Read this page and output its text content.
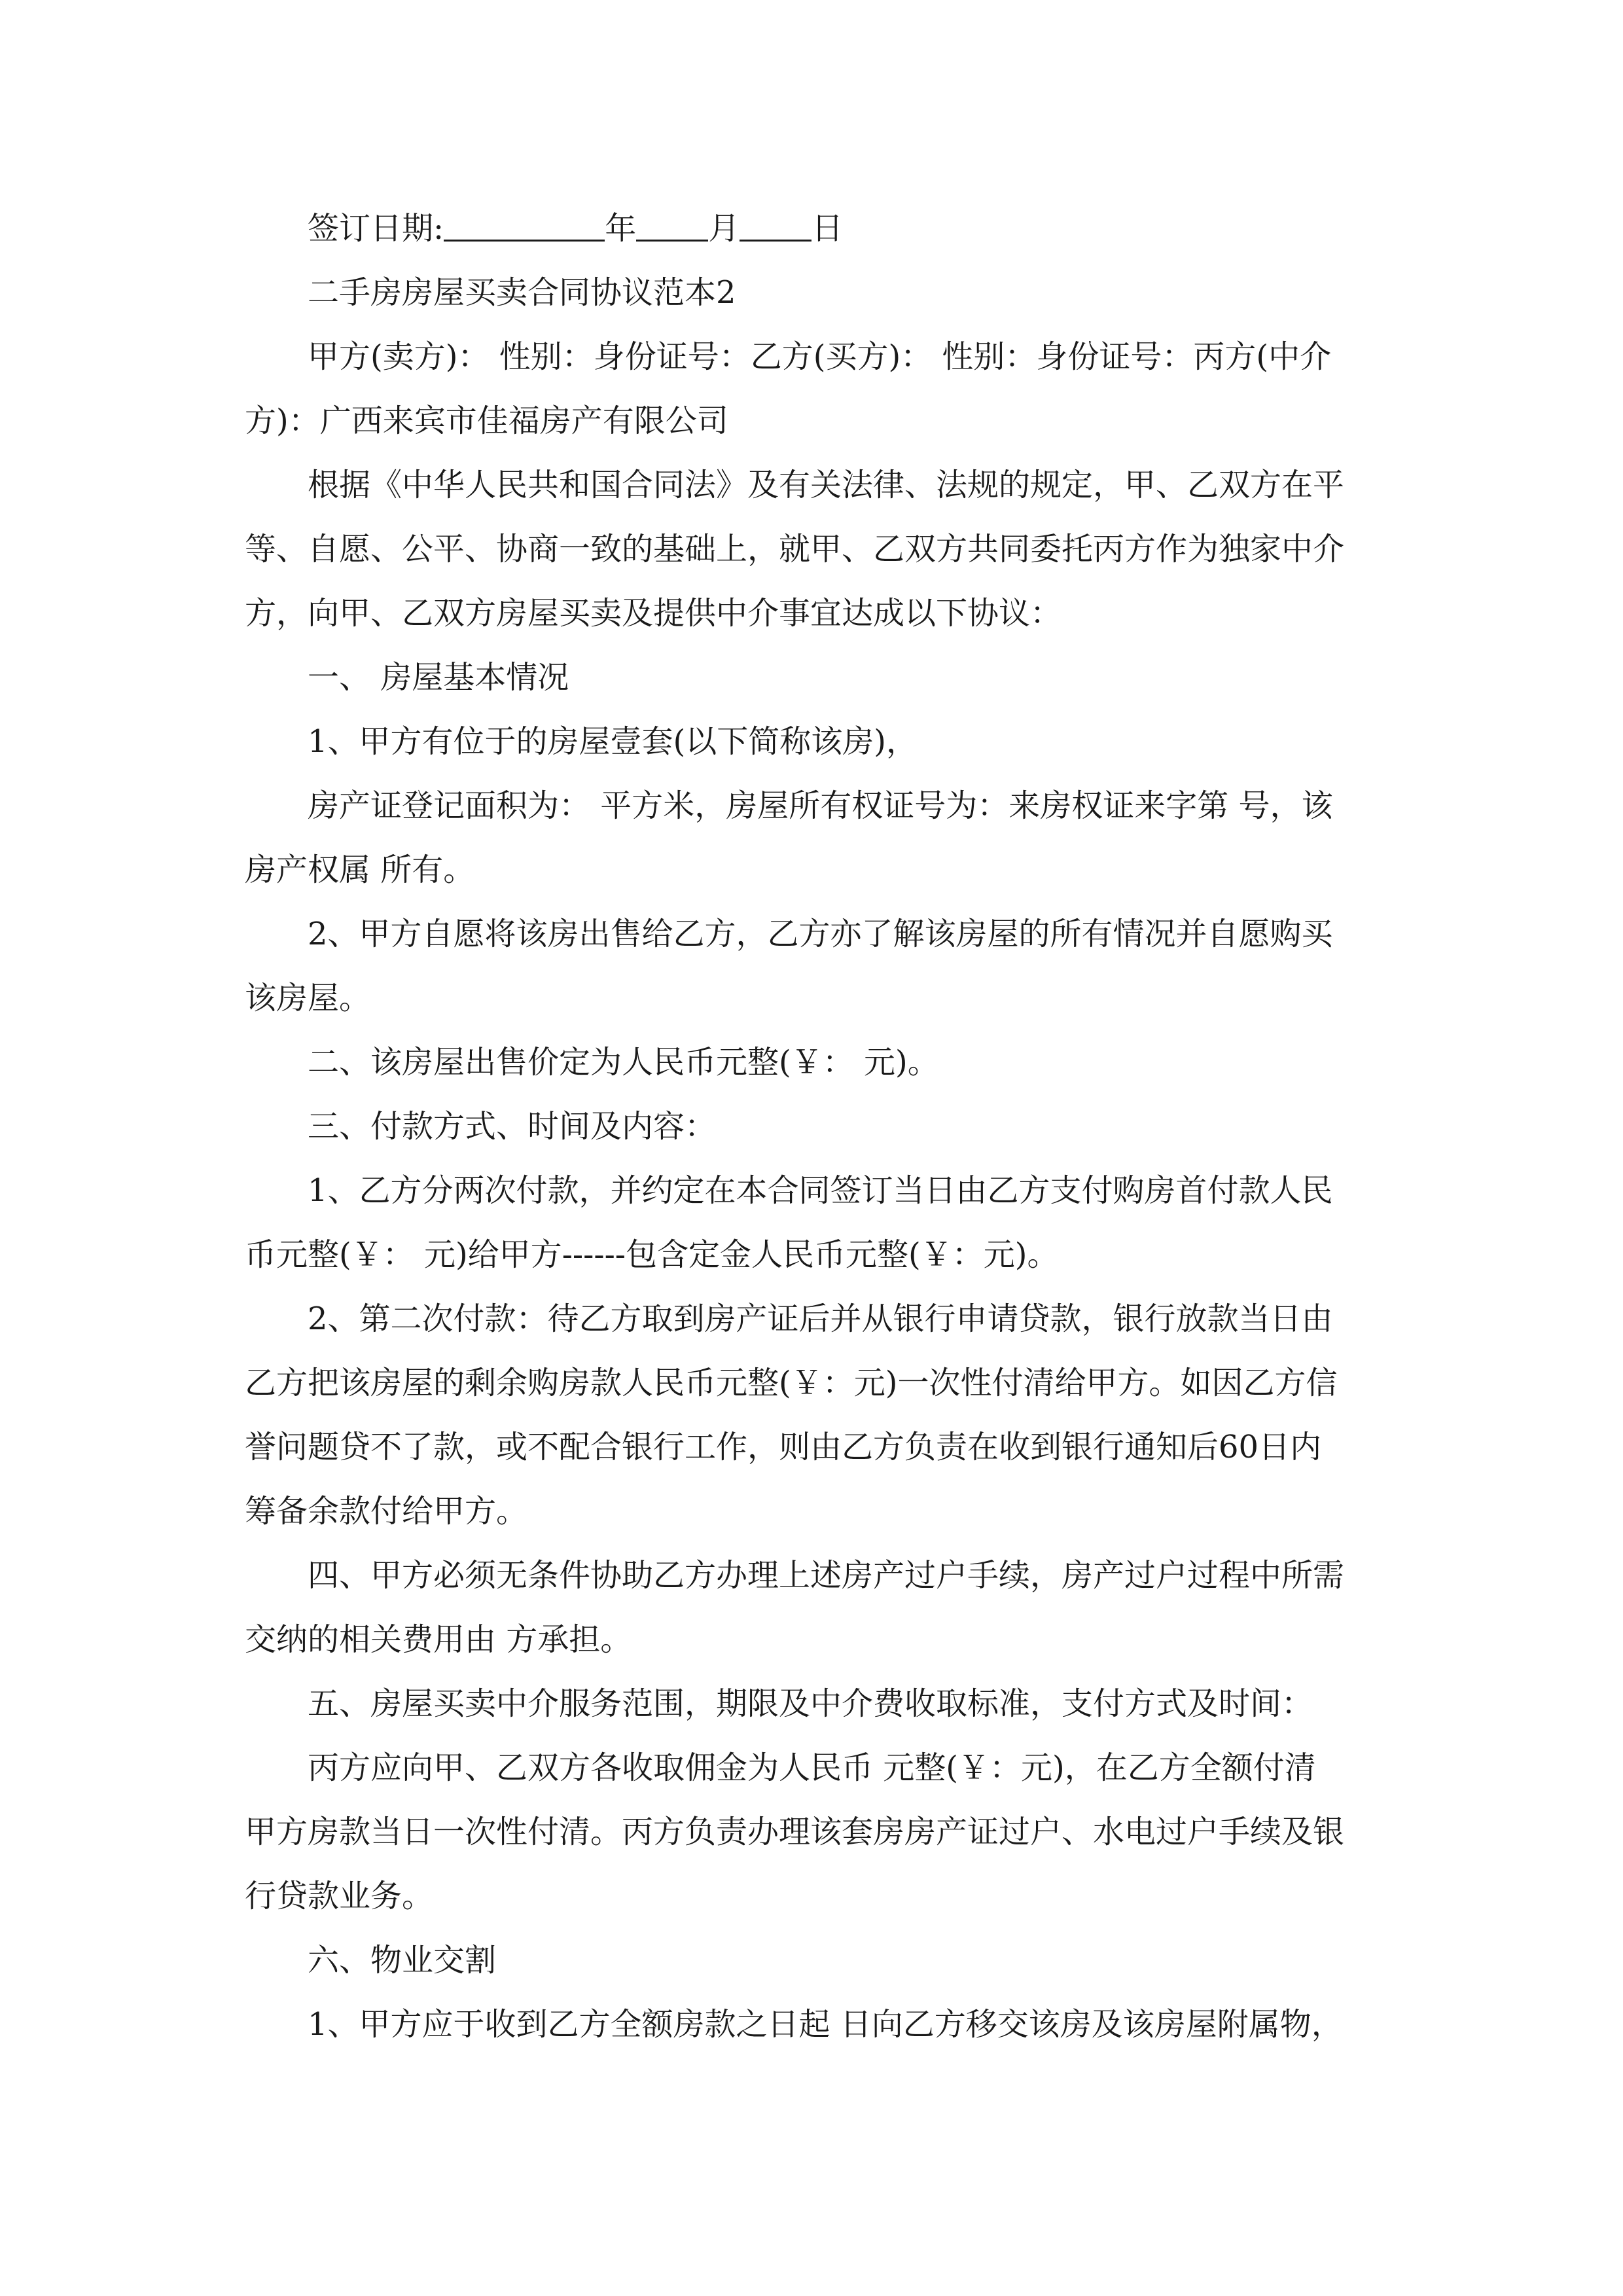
签订日期:	年 月 日
二手房房屋买卖合同协议范本2
甲方(卖方)： 性别：身份证号：乙方(买方)： 性别：身份证号：丙方(中介
方)：广西来宾市佳福房产有限公司
根据《中华人民共和国合同法》及有关法律、法规的规定，甲、乙双方在平
等、自愿、公平、协商一致的基础上，就甲、乙双方共同委托丙方作为独家中介
方，向甲、乙双方房屋买卖及提供中介事宜达成以下协议：
一、 房屋基本情况
1、甲方有位于的房屋壹套(以下简称该房)，
房产证登记面积为： 平方米，房屋所有权证号为：来房权证来字第 号，该
房产权属 所有。
2、甲方自愿将该房出售给乙方，乙方亦了解该房屋的所有情况并自愿购买
该房屋。
二、该房屋出售价定为人民币元整(￥： 元)。
三、付款方式、时间及内容：
1、乙方分两次付款，并约定在本合同签订当日由乙方支付购房首付款人民
币元整(￥： 元)给甲方------包含定金人民币元整(￥：元)。
2、第二次付款：待乙方取到房产证后并从银行申请贷款，银行放款当日由
乙方把该房屋的剩余购房款人民币元整(￥：元)一次性付清给甲方。如因乙方信
誉问题贷不了款，或不配合银行工作，则由乙方负责在收到银行通知后60日内
筹备余款付给甲方。
四、甲方必须无条件协助乙方办理上述房产过户手续，房产过户过程中所需
交纳的相关费用由 方承担。
五、房屋买卖中介服务范围，期限及中介费收取标准，支付方式及时间：
丙方应向甲、乙双方各收取佣金为人民币 元整(￥：元)，在乙方全额付清
甲方房款当日一次性付清。丙方负责办理该套房房产证过户、水电过户手续及银
行贷款业务。
六、物业交割
1、甲方应于收到乙方全额房款之日起 日向乙方移交该房及该房屋附属物，
